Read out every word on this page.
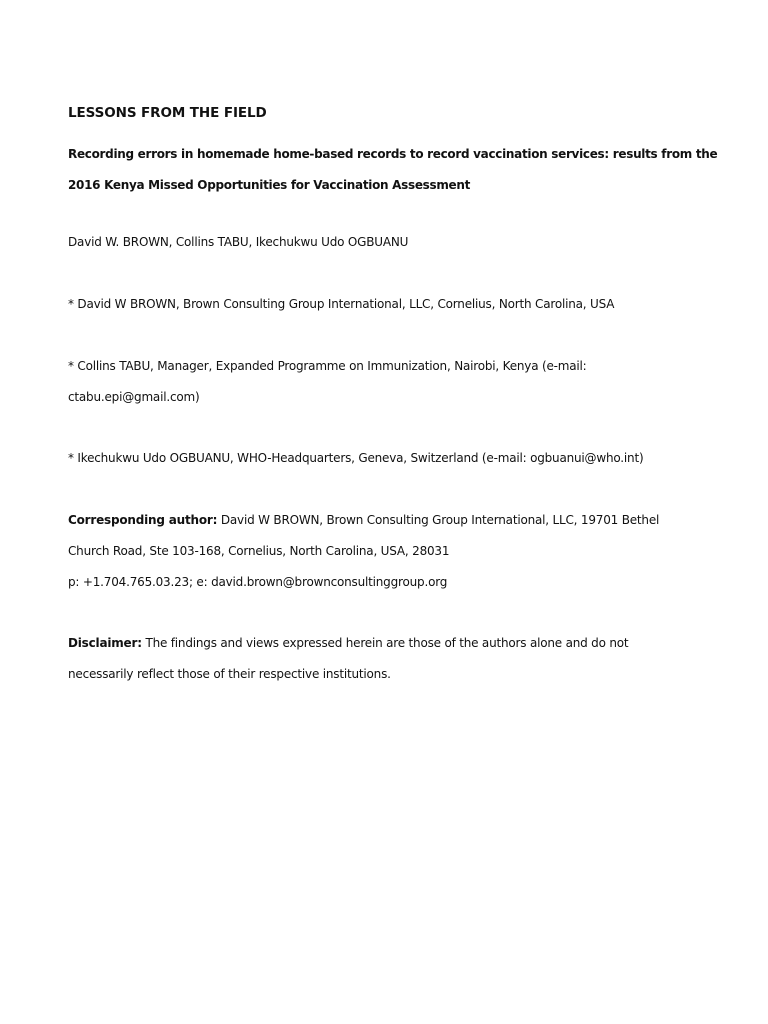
LESSONS FROM THE FIELD
Recording errors in homemade home-based records to record vaccination services: results from the
2016 Kenya Missed Opportunities for Vaccination Assessment
David W. BROWN, Collins TABU, Ikechukwu Udo OGBUANU
* David W BROWN, Brown Consulting Group International, LLC, Cornelius, North Carolina, USA
* Collins TABU, Manager, Expanded Programme on Immunization, Nairobi, Kenya (e-mail:
ctabu.epi@gmail.com)
* Ikechukwu Udo OGBUANU, WHO-Headquarters, Geneva, Switzerland (e-mail: ogbuanui@who.int)
Corresponding author: David W BROWN, Brown Consulting Group International, LLC, 19701 Bethel
Church Road, Ste 103-168, Cornelius, North Carolina, USA, 28031
p: +1.704.765.03.23; e: david.brown@brownconsultinggroup.org
Disclaimer: The findings and views expressed herein are those of the authors alone and do not
necessarily reflect those of their respective institutions.
